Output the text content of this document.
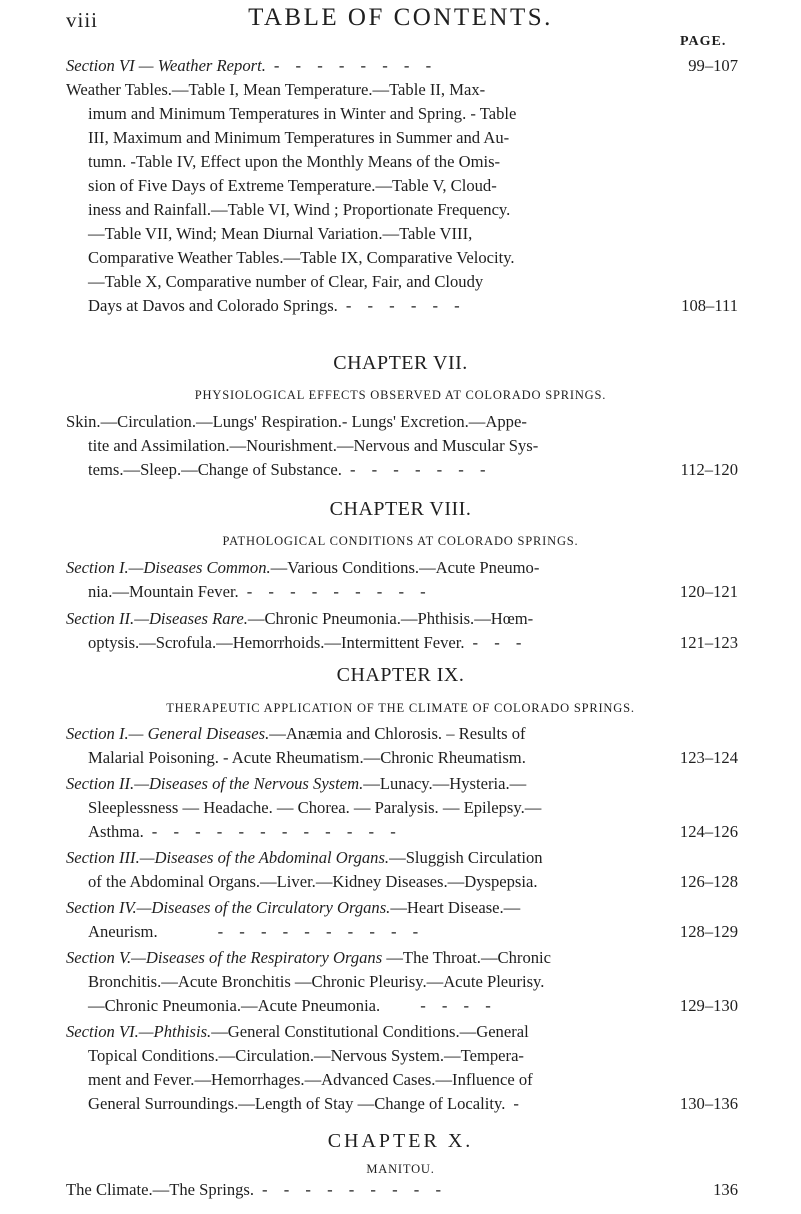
TABLE OF CONTENTS.
viii
PAGE.
Section VI — Weather Report. - - - - - - - -	99–107
Weather Tables.—Table I, Mean Temperature.—Table II, Max-
imum and Minimum Temperatures in Winter and Spring. - Table
III, Maximum and Minimum Temperatures in Summer and Au-
tumn. -Table IV, Effect upon the Monthly Means of the Omis-
sion of Five Days of Extreme Temperature.—Table V, Cloud-
iness and Rainfall.—Table VI, Wind ; Proportionate Frequency.
—Table VII, Wind; Mean Diurnal Variation.—Table VIII,
Comparative Weather Tables.—Table IX, Comparative Velocity.
—Table X, Comparative number of Clear, Fair, and Cloudy
Days at Davos and Colorado Springs. - - - - - -	108–111
CHAPTER VII.
PHYSIOLOGICAL EFFECTS OBSERVED AT COLORADO SPRINGS.
Skin.—Circulation.—Lungs' Respiration.- Lungs' Excretion.—Appe-
tite and Assimilation.—Nourishment.—Nervous and Muscular Sys-
tems.—Sleep.—Change of Substance. - - - - - - -	112–120
CHAPTER VIII.
PATHOLOGICAL CONDITIONS AT COLORADO SPRINGS.
Section I.—Diseases Common.—Various Conditions.—Acute Pneumo-
nia.—Mountain Fever. - - - - - - - - -	120–121
Section II.—Diseases Rare.—Chronic Pneumonia.—Phthisis.—Hœm-
optysis.—Scrofula.—Hemorrhoids.—Intermittent Fever. - - -	121–123
CHAPTER IX.
THERAPEUTIC APPLICATION OF THE CLIMATE OF COLORADO SPRINGS.
Section I.— General Diseases.—Anæmia and Chlorosis. – Results of
Malarial Poisoning. - Acute Rheumatism.—Chronic Rheumatism.	123–124
Section II.—Diseases of the Nervous System.—Lunacy.—Hysteria.—
Sleeplessness — Headache. — Chorea. — Paralysis. — Epilepsy.—
Asthma. - - - - - - - - - - - -	124–126
Section III.—Diseases of the Abdominal Organs.—Sluggish Circulation
of the Abdominal Organs.—Liver.—Kidney Diseases.—Dyspepsia.	126–128
Section IV.—Diseases of the Circulatory Organs.—Heart Disease.—
Aneurism.	- - - - - - - - - -	128–129
Section V.—Diseases of the Respiratory Organs —The Throat.—Chronic
Bronchitis.—Acute Bronchitis —Chronic Pleurisy.—Acute Pleurisy.
—Chronic Pneumonia.—Acute Pneumonia. - - - -	129–130
Section VI.—Phthisis.—General Constitutional Conditions.—General
Topical Conditions.—Circulation.—Nervous System.—Tempera-
ment and Fever.—Hemorrhages.—Advanced Cases.—Influence of
General Surroundings.—Length of Stay —Change of Locality. -	130–136
CHAPTER X.
MANITOU.
The Climate.—The Springs. - - - - - - - - -	136
